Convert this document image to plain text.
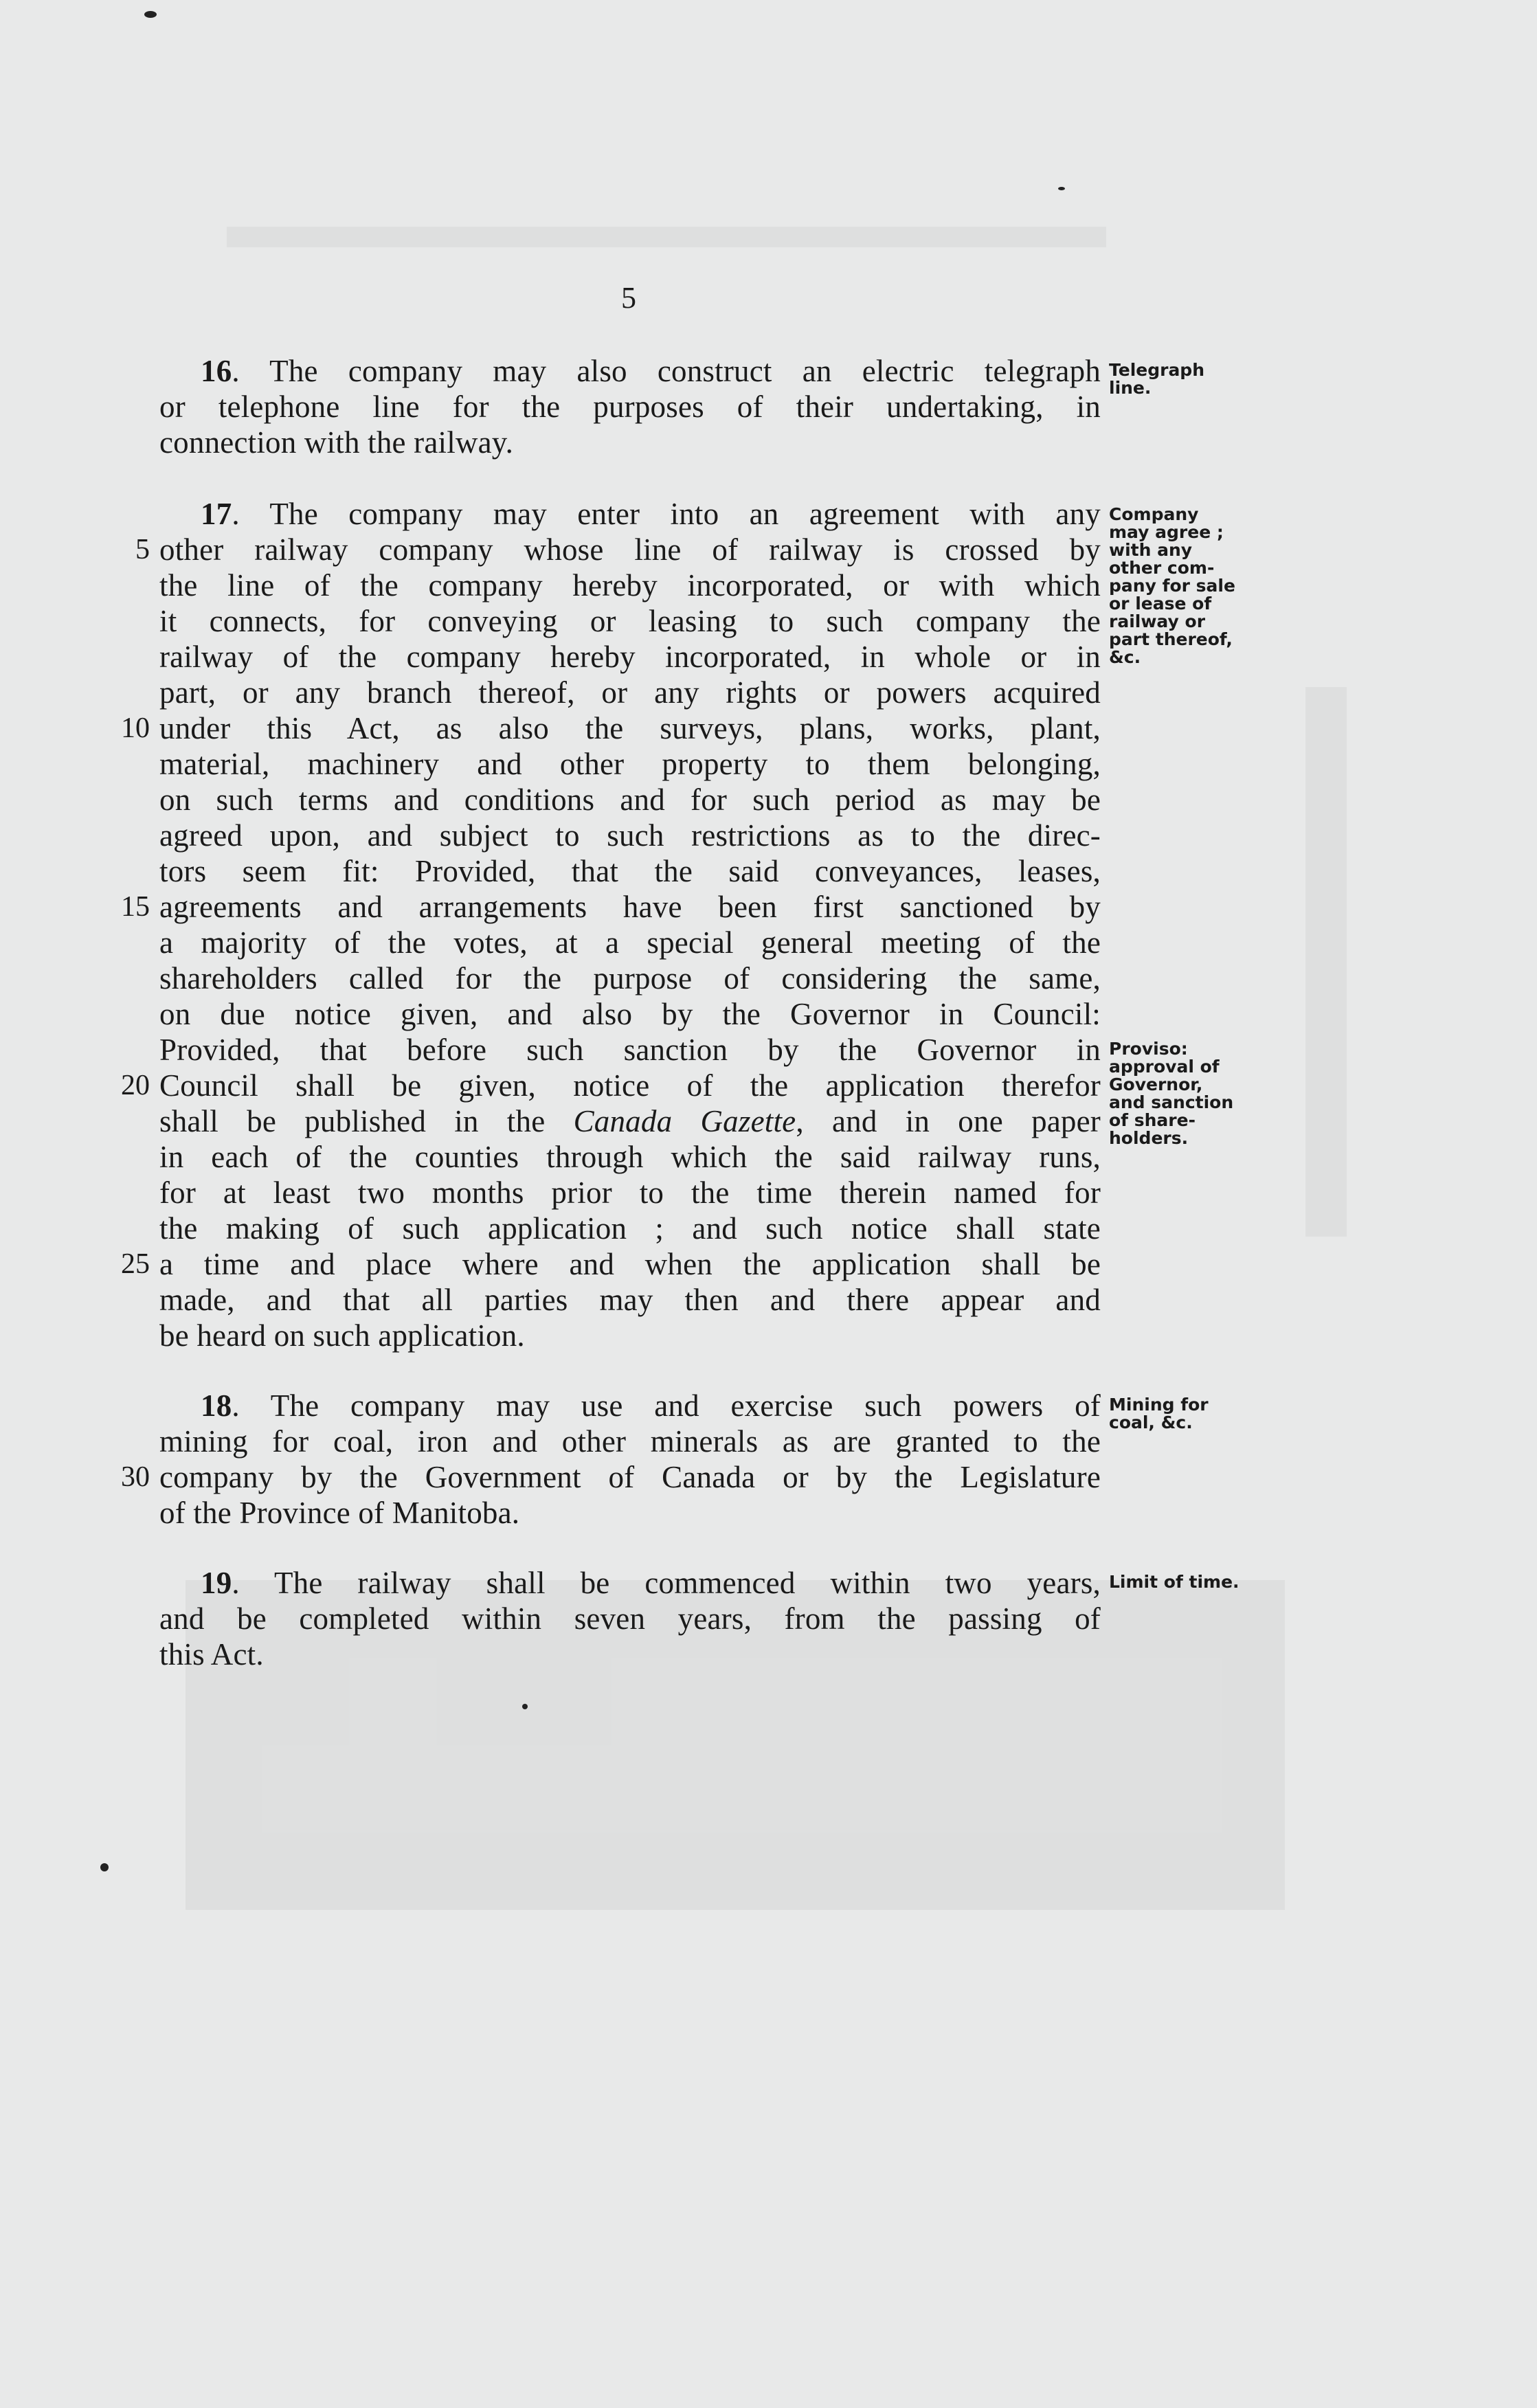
5
16. The company may also construct an electric telegraph
or telephone line for the purposes of their undertaking, in
connection with the railway.
Telegraph
line.
17. The company may enter into an agreement with any
other railway company whose line of railway is crossed by
the line of the company hereby incorporated, or with which
it connects, for conveying or leasing to such company the
railway of the company hereby incorporated, in whole or in
part, or any branch thereof, or any rights or powers acquired
under this Act, as also the surveys, plans, works, plant,
material, machinery and other property to them belonging,
on such terms and conditions and for such period as may be
agreed upon, and subject to such restrictions as to the direc-
tors seem fit: Provided, that the said conveyances, leases,
agreements and arrangements have been first sanctioned by
a majority of the votes, at a special general meeting of the
shareholders called for the purpose of considering the same,
on due notice given, and also by the Governor in Council:
Provided, that before such sanction by the Governor in
Council shall be given, notice of the application therefor
shall be published in the Canada Gazette, and in one paper
in each of the counties through which the said railway runs,
for at least two months prior to the time therein named for
the making of such application ; and such notice shall state
a time and place where and when the application shall be
made, and that all parties may then and there appear and
be heard on such application.
Company
may agree ;
with any
other com-
pany for sale
or lease of
railway or
part thereof,
&c.
Proviso:
approval of
Governor,
and sanction
of share-
holders.
18. The company may use and exercise such powers of
mining for coal, iron and other minerals as are granted to the
company by the Government of Canada or by the Legislature
of the Province of Manitoba.
Mining for
coal, &c.
19. The railway shall be commenced within two years,
and be completed within seven years, from the passing of
this Act.
Limit of time.
5
10
15
20
25
30
